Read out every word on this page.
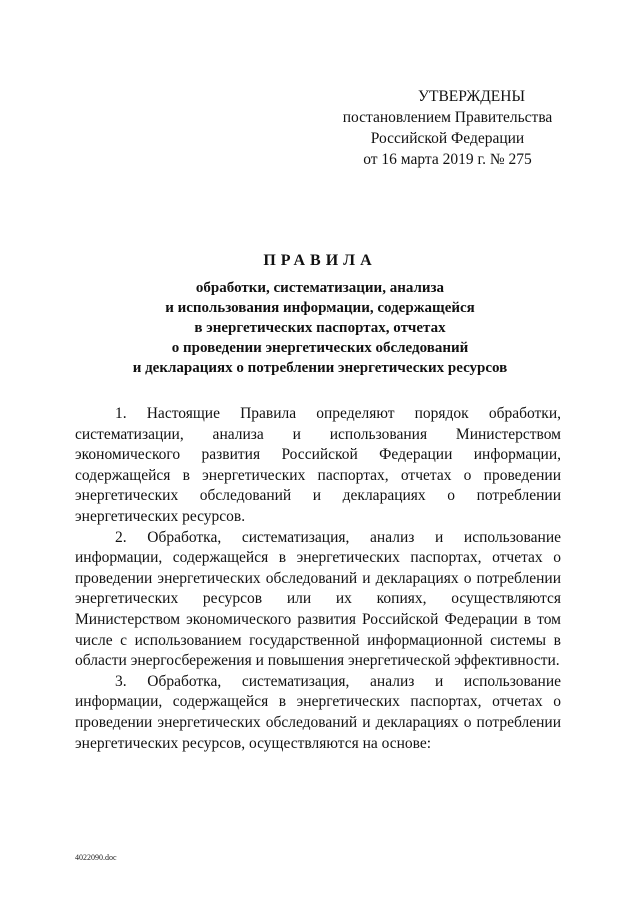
УТВЕРЖДЕНЫ
постановлением Правительства
Российской Федерации
от 16 марта 2019 г. № 275
ПРАВИЛА
обработки, систематизации, анализа
и использования информации, содержащейся
в энергетических паспортах, отчетах
о проведении энергетических обследований
и декларациях о потреблении энергетических ресурсов

1. Настоящие Правила определяют порядок обработки, систематизации, анализа и использования Министерством экономического развития Российской Федерации информации, содержащейся в энергетических паспортах, отчетах о проведении энергетических обследований и декларациях о потреблении энергетических ресурсов.

2. Обработка, систематизация, анализ и использование информации, содержащейся в энергетических паспортах, отчетах о проведении энергетических обследований и декларациях о потреблении энергетических ресурсов или их копиях, осуществляются Министерством экономического развития Российской Федерации в том числе с использованием государственной информационной системы в области энергосбережения и повышения энергетической эффективности.

3. Обработка, систематизация, анализ и использование информации, содержащейся в энергетических паспортах, отчетах о проведении энергетических обследований и декларациях о потреблении энергетических ресурсов, осуществляются на основе:

4022090.doc
